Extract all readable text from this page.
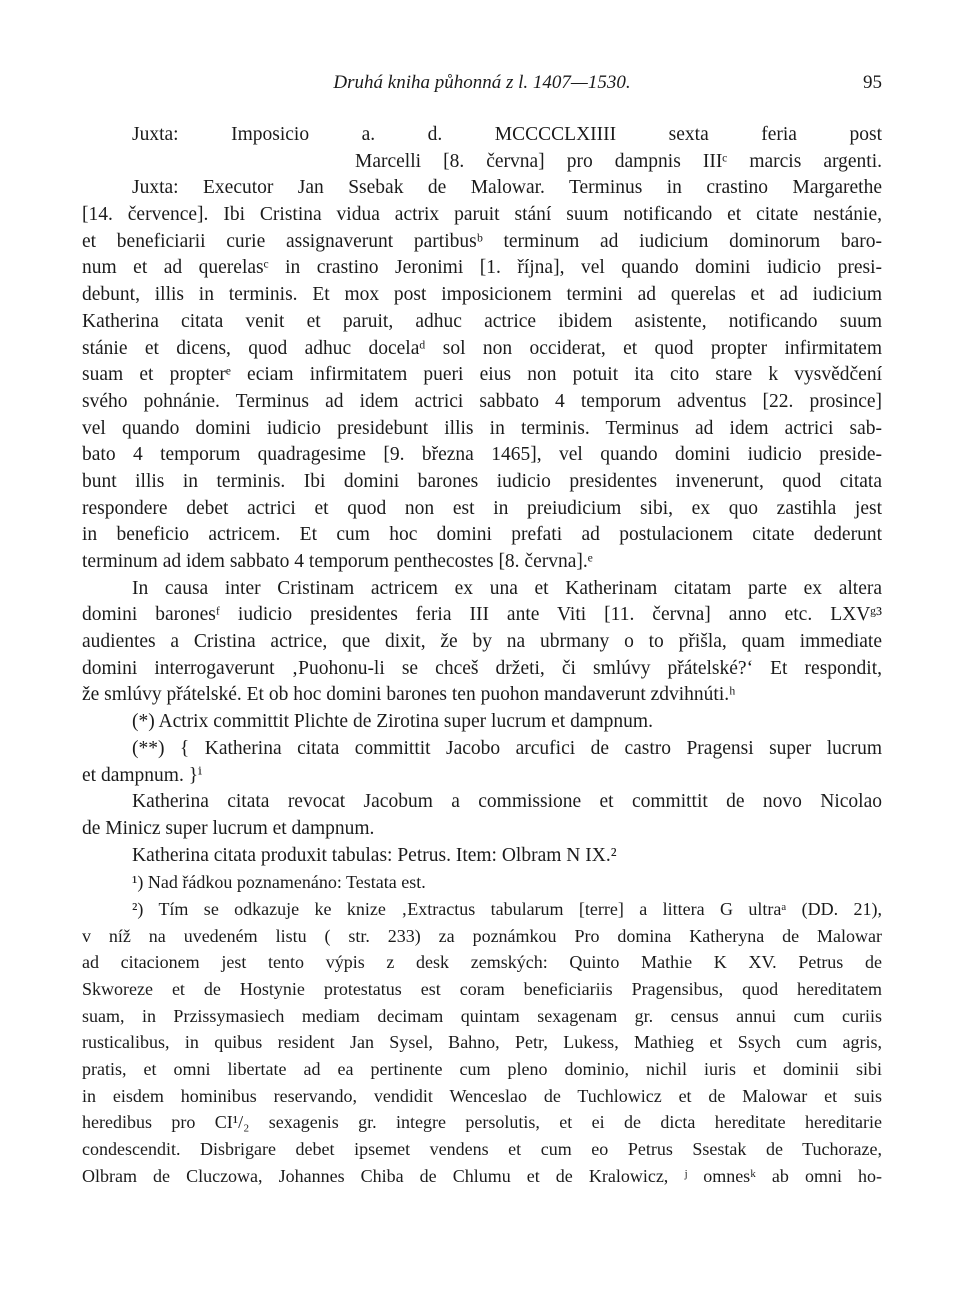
Druhá kniha půhonná z l. 1407—1530.	95
Juxta: Imposicio a. d. MCCCCLXIIII sexta feria post
Marcelli [8. června] pro dampnis IIIᶜ marcis argenti.
Juxta: Executor Jan Ssebak de Malowar. Terminus in crastino Margarethe
[14. července]. Ibi Cristina vidua actrix paruit stání suum notificando et citate nestánie,
et beneficiarii curie assignaverunt partibusᵇ terminum ad iudicium dominorum baro-
num et ad querelasᶜ in crastino Jeronimi [1. října], vel quando domini iudicio presi-
debunt, illis in terminis. Et mox post imposicionem termini ad querelas et ad iudicium
Katherina citata venit et paruit, adhuc actrice ibidem asistente, notificando suum
stánie et dicens, quod adhuc docelaᵈ sol non occiderat, et quod propter infirmitatem
suam et propterᵉ eciam infirmitatem pueri eius non potuit ita cito stare k vysvědčení
svého pohnánie. Terminus ad idem actrici sabbato 4 temporum adventus [22. prosince]
vel quando domini iudicio presidebunt illis in terminis. Terminus ad idem actrici sab-
bato 4 temporum quadragesime [9. března 1465], vel quando domini iudicio preside-
bunt illis in terminis. Ibi domini barones iudicio presidentes invenerunt, quod citata
respondere debet actrici et quod non est in preiudicium sibi, ex quo zastihla jest
in beneficio actricem. Et cum hoc domini prefati ad postulacionem citate dederunt
terminum ad idem sabbato 4 temporum penthecostes [8. června].ᵉ
In causa inter Cristinam actricem ex una et Katherinam citatam parte ex altera
domini baronesᶠ iudicio presidentes feria III ante Viti [11. června] anno etc. LXVᵍ³
audientes a Cristina actrice, que dixit, že by na ubrmany o to přišla, quam immediate
domini interrogaverunt ‚Puohonu-li se chceš držeti, či smlúvy přátelské?‘ Et respondit,
že smlúvy přátelské. Et ob hoc domini barones ten puohon mandaverunt zdvihnúti.ʰ
(*) Actrix committit Plichte de Zirotina super lucrum et dampnum.
(**) { Katherina citata committit Jacobo arcufici de castro Pragensi super lucrum
et dampnum. }ⁱ
Katherina citata revocat Jacobum a commissione et committit de novo Nicolao
de Minicz super lucrum et dampnum.
Katherina citata produxit tabulas: Petrus. Item: Olbram N IX.²
¹) Nad řádkou poznamenáno: Testata est.
²) Tím se odkazuje ke knize ‚Extractus tabularum [terre] a littera G ultraᵃ (DD. 21),
v níž na uvedeném listu ( str. 233) za poznámkou Pro domina Katheryna de Malowar
ad citacionem jest tento výpis z desk zemských: Quinto Mathie K XV. Petrus de
Skworeze et de Hostynie protestatus est coram beneficiariis Pragensibus, quod hereditatem
suam, in Przissymasiech mediam decimam quintam sexagenam gr. census annui cum curiis
rusticalibus, in quibus resident Jan Sysel, Bahno, Petr, Lukess, Mathieg et Ssych cum agris,
pratis, et omni libertate ad ea pertinente cum pleno dominio, nichil iuris et dominii sibi
in eisdem hominibus reservando, vendidit Wenceslao de Tuchlowicz et de Malowar et suis
heredibus pro CI¹/₂ sexagenis gr. integre persolutis, et ei de dicta hereditate hereditarie
condescendit. Disbrigare debet ipsemet vendens et cum eo Petrus Ssestak de Tuchoraze,
Olbram de Cluczowa, Johannes Chiba de Chlumu et de Kralowicz, ʲ omnesᵏ ab omni ho-
